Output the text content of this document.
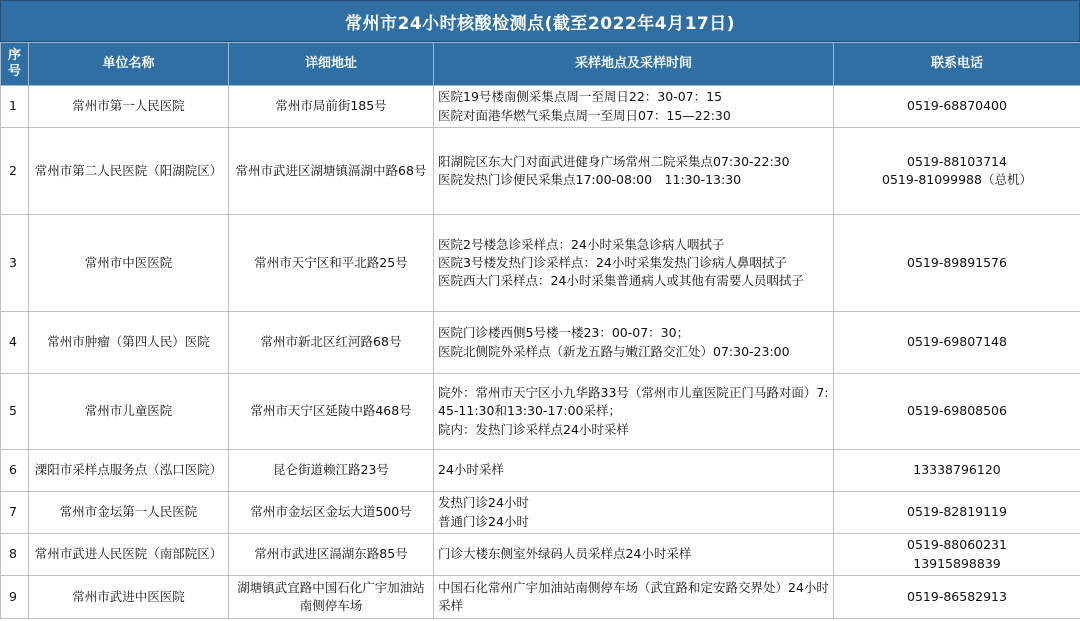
常州市24小时核酸检测点(截至2022年4月17日)
序号	单位名称	详细地址	采样地点及采样时间	联系电话
1	常州市第一人民医院	常州市局前街185号	医院19号楼南侧采集点周一至周日22：30-07：15
医院对面港华燃气采集点周一至周日07：15—22:30	0519-68870400

2	常州市第二人民医院（阳湖院区）	常州市武进区湖塘镇滆湖中路68号	阳湖院区东大门对面武进健身广场常州二院采集点07:30-22:30
医院发热门诊便民采集点17:00-08:00　11:30-13:30	0519-88103714
0519-81099988（总机）

3	常州市中医医院	常州市天宁区和平北路25号	医院2号楼急诊采样点：24小时采集急诊病人咽拭子
医院3号楼发热门诊采样点：24小时采集发热门诊病人鼻咽拭子
医院西大门采样点：24小时采集普通病人或其他有需要人员咽拭子	0519-89891576

4	常州市肿瘤（第四人民）医院	常州市新北区红河路68号	医院门诊楼西侧5号楼一楼23：00-07：30；
医院北侧院外采样点（新龙五路与嫩江路交汇处）07:30-23:00	0519-69807148

5	常州市儿童医院	常州市天宁区延陵中路468号	院外：常州市天宁区小九华路33号（常州市儿童医院正门马路对面）7:45-11:30和13:30-17:00采样；
院内：发热门诊采样点24小时采样	0519-69808506

6	溧阳市采样点服务点（泓口医院）	昆仑街道赖江路23号	24小时采样	13338796120

7	常州市金坛第一人民医院	常州市金坛区金坛大道500号	发热门诊24小时
普通门诊24小时	0519-82819119

8	常州市武进人民医院（南部院区）	常州市武进区滆湖东路85号	门诊大楼东侧室外绿码人员采样点24小时采样	0519-88060231
13915898839

9	常州市武进中医医院	湖塘镇武宜路中国石化广宇加油站南侧停车场	中国石化常州广宇加油站南侧停车场（武宜路和定安路交界处）24小时采样	0519-86582913
